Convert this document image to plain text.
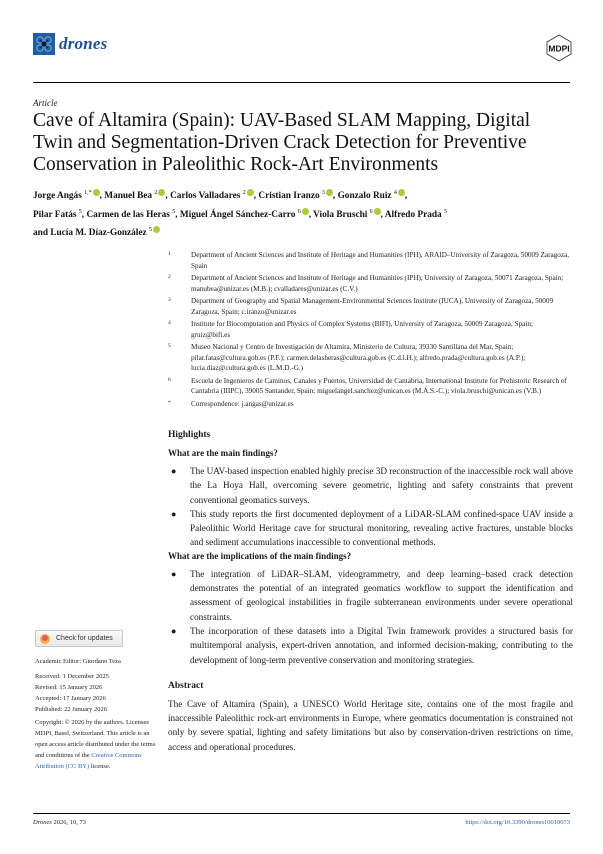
drones	MDPI
Article
Cave of Altamira (Spain): UAV-Based SLAM Mapping, Digital Twin and Segmentation-Driven Crack Detection for Preventive Conservation in Paleolithic Rock-Art Environments
Jorge Angás $^{1,*}$ , Manuel Bea $^2$ , Carlos Valladares $^2$ , Cristian Iranzo $^3$ , Gonzalo Ruiz $^4$ ,
Pilar Fatás $^5$, Carmen de las Heras $^5$, Miguel Ángel Sánchez-Carro $^6$ , Viola Bruschi $^6$ , Alfredo Prada $^5$
and Lucía M. Díaz-González $^5$
1	Department of Ancient Sciences and Institute of Heritage and Humanities (IPH), ARAID–University of Zaragoza, 50009 Zaragoza, Spain
2	Department of Ancient Sciences and Institute of Heritage and Humanities (IPH), University of Zaragoza, 50071 Zaragoza, Spain; manubea@unizar.es (M.B.); cvalladares@unizar.es (C.V.)
3	Department of Geography and Spatial Management-Environmental Sciences Institute (IUCA), University of Zaragoza, 50009 Zaragoza, Spain; c.iranzo@unizar.es
4	Institute for Biocomputation and Physics of Complex Systems (BIFI), University of Zaragoza, 50009 Zaragoza, Spain; gruiz@bifi.es
5	Museo Nacional y Centro de Investigación de Altamira, Ministerio de Cultura, 39330 Santillana del Mar, Spain; pilar.fatas@cultura.gob.es (P.F.); carmen.delasheras@cultura.gob.es (C.d.l.H.); alfredo.prada@cultura.gob.es (A.P.); lucia.diaz@cultura.gob.es (L.M.D.-G.)
6	Escuela de Ingenieros de Caminos, Canales y Puertos, Universidad de Cantabria, International Institute for Prehistoric Research of Cantabria (IIIPC), 39005 Santander, Spain; miguelangel.sanchez@unican.es (M.Á.S.-C.); viola.bruschi@unican.es (V.B.)
*	Correspondence: j.angas@unizar.es
Highlights
What are the main findings?
● The UAV-based inspection enabled highly precise 3D reconstruction of the inaccessible rock wall above the La Hoya Hall, overcoming severe geometric, lighting and safety constraints that prevent conventional geomatics surveys.
● This study reports the first documented deployment of a LiDAR-SLAM confined-space UAV inside a Paleolithic World Heritage cave for structural monitoring, revealing active fractures, unstable blocks and sediment accumulations inaccessible to conventional methods.
What are the implications of the main findings?
● The integration of LiDAR–SLAM, videogrammetry, and deep learning–based crack detection demonstrates the potential of an integrated geomatics workflow to support the identification and assessment of geological instabilities in fragile subterranean environments under severe operational constraints.
● The incorporation of these datasets into a Digital Twin framework provides a structured basis for multitemporal analysis, expert-driven annotation, and informed decision-making, contributing to the development of long-term preventive conservation and monitoring strategies.
Abstract
The Cave of Altamira (Spain), a UNESCO World Heritage site, contains one of the most fragile and inaccessible Paleolithic rock-art environments in Europe, where geomatics documentation is constrained not only by severe spatial, lighting and safety limitations but also by conservation-driven restrictions on time, access and operational procedures.
Check for updates
Academic Editor: Giordano Teza
Received: 1 December 2025
Revised: 15 January 2026
Accepted: 17 January 2026
Published: 22 January 2026
Copyright: © 2026 by the authors. Licensee MDPI, Basel, Switzerland. This article is an open access article distributed under the terms and conditions of the Creative Commons Attribution (CC BY) license.
Drones 2026, 10, 73	https://doi.org/10.3390/drones10010073
